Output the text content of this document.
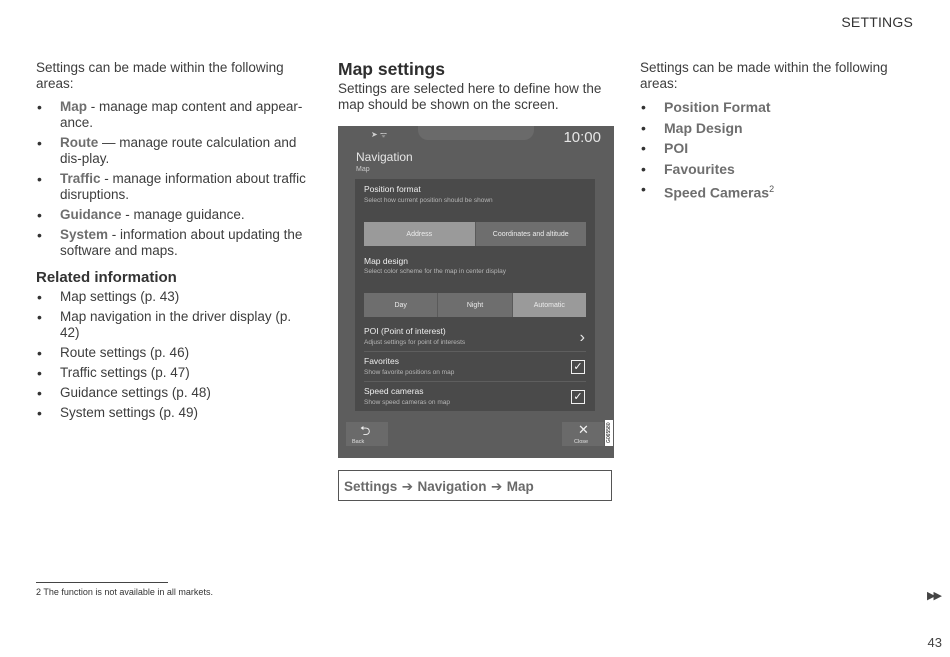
SETTINGS

Settings can be made within the following areas:

• Map - manage map content and appear-ance.
• Route — manage route calculation and dis-play.
• Traffic - manage information about traffic disruptions.
• Guidance - manage guidance.
• System - information about updating the software and maps.
Related information
• Map settings (p. 43)
• Map navigation in the driver display (p. 42)
• Route settings (p. 46)
• Traffic settings (p. 47)
• Guidance settings (p. 48)
• System settings (p. 49)
Map settings
Settings are selected here to define how the map should be shown on the screen.
➤ ᯤ	10:00
Navigation
Map
Position format
Select how current position should be shown
Address	Coordinates and altitude
Map design
Select color scheme for the map in center display
Day	Night	Automatic
POI (Point of interest)
Adjust settings for point of interests	›
Favorites
Show favorite positions on map	✓
Speed cameras
Show speed cameras on map	✓
⮌
Back
✕
Close	G065580
Settings ➔ Navigation ➔ Map

Settings can be made within the following areas:

• Position Format
• Map Design
• POI
• Favourites
• Speed Cameras$^2$
2 The function is not available in all markets.	▶▶
43
